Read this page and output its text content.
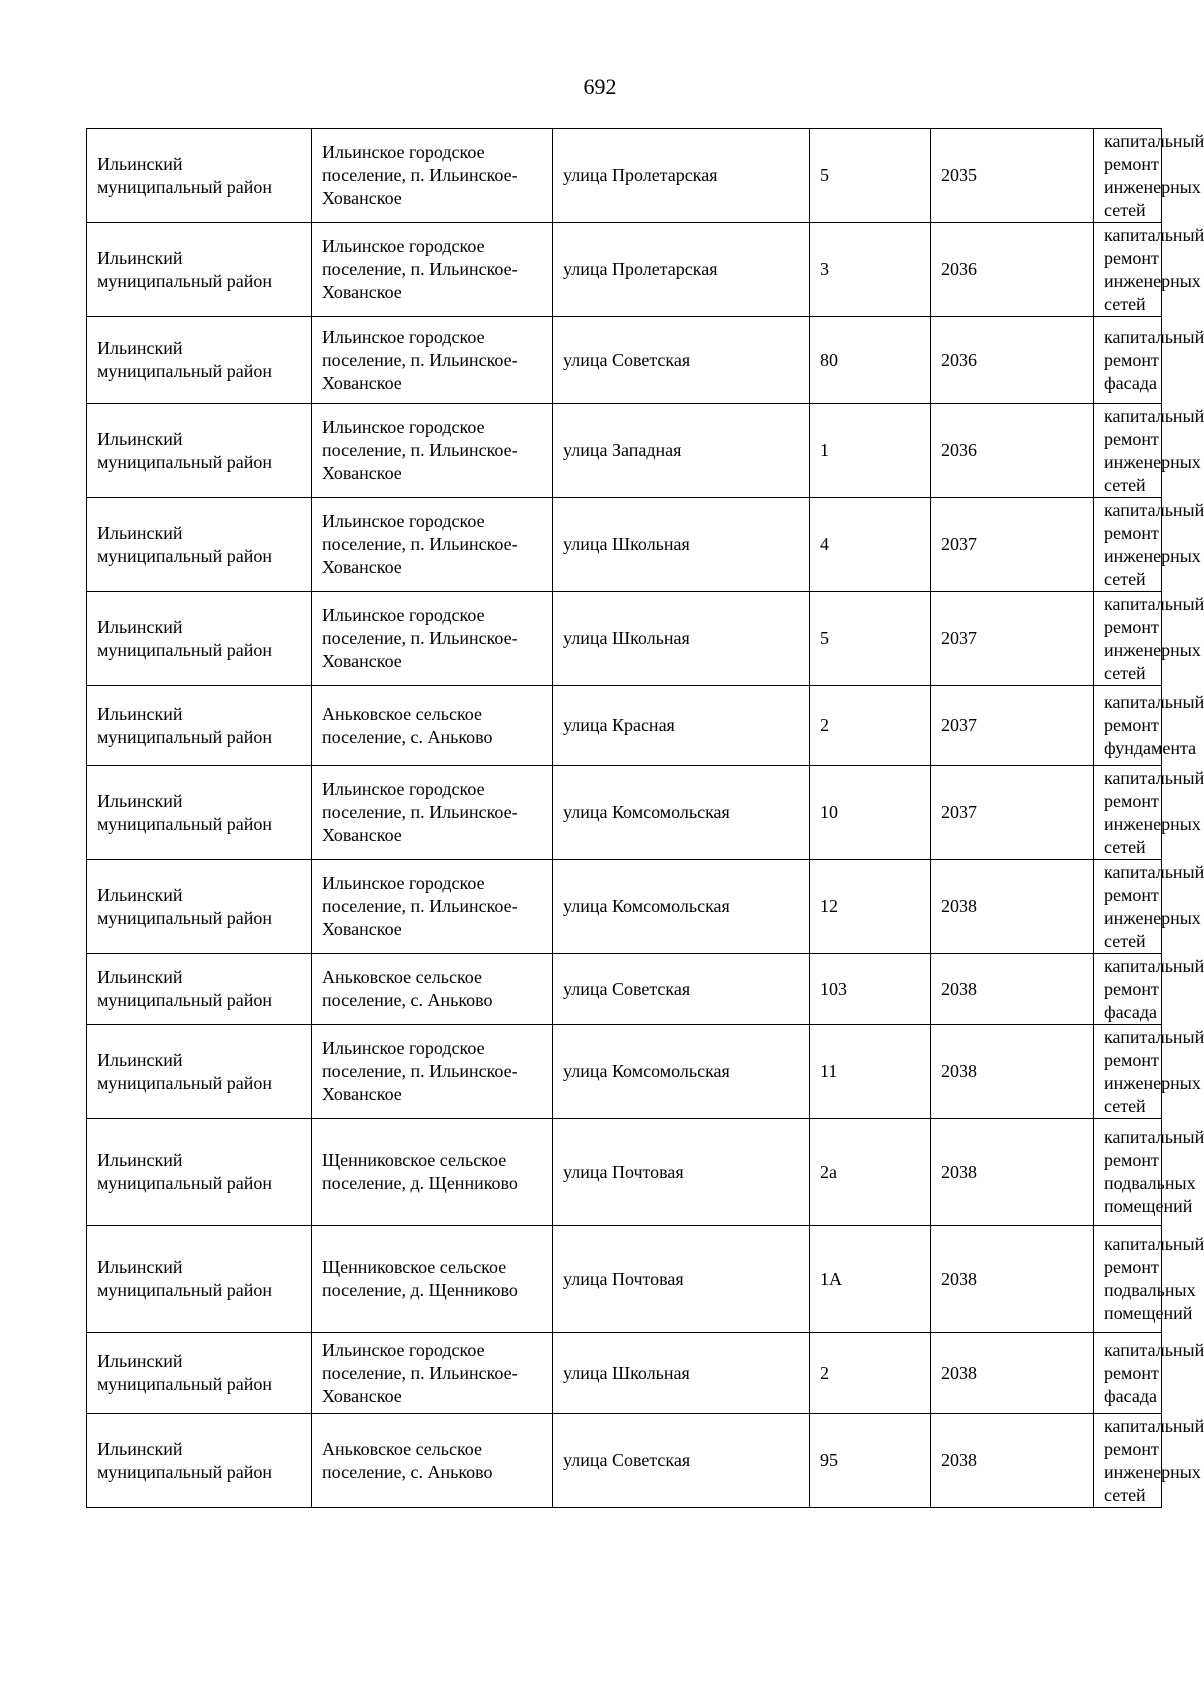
692
Ильинский муниципальный район	Ильинское городское поселение, п. Ильинское-Хованское	улица Пролетарская	5	2035	капитальный ремонт инженерных сетей
Ильинский муниципальный район	Ильинское городское поселение, п. Ильинское-Хованское	улица Пролетарская	3	2036	капитальный ремонт инженерных сетей
Ильинский муниципальный район	Ильинское городское поселение, п. Ильинское-Хованское	улица Советская	80	2036	капитальный ремонт фасада
Ильинский муниципальный район	Ильинское городское поселение, п. Ильинское-Хованское	улица Западная	1	2036	капитальный ремонт инженерных сетей
Ильинский муниципальный район	Ильинское городское поселение, п. Ильинское-Хованское	улица Школьная	4	2037	капитальный ремонт инженерных сетей
Ильинский муниципальный район	Ильинское городское поселение, п. Ильинское-Хованское	улица Школьная	5	2037	капитальный ремонт инженерных сетей
Ильинский муниципальный район	Аньковское сельское поселение, с. Аньково	улица Красная	2	2037	капитальный ремонт фундамента
Ильинский муниципальный район	Ильинское городское поселение, п. Ильинское-Хованское	улица Комсомольская	10	2037	капитальный ремонт инженерных сетей
Ильинский муниципальный район	Ильинское городское поселение, п. Ильинское-Хованское	улица Комсомольская	12	2038	капитальный ремонт инженерных сетей
Ильинский муниципальный район	Аньковское сельское поселение, с. Аньково	улица Советская	103	2038	капитальный ремонт фасада
Ильинский муниципальный район	Ильинское городское поселение, п. Ильинское-Хованское	улица Комсомольская	11	2038	капитальный ремонт инженерных сетей
Ильинский муниципальный район	Щенниковское сельское поселение, д. Щенниково	улица Почтовая	2а	2038	капитальный ремонт подвальных помещений
Ильинский муниципальный район	Щенниковское сельское поселение, д. Щенниково	улица Почтовая	1А	2038	капитальный ремонт подвальных помещений
Ильинский муниципальный район	Ильинское городское поселение, п. Ильинское-Хованское	улица Школьная	2	2038	капитальный ремонт фасада
Ильинский муниципальный район	Аньковское сельское поселение, с. Аньково	улица Советская	95	2038	капитальный ремонт инженерных сетей
